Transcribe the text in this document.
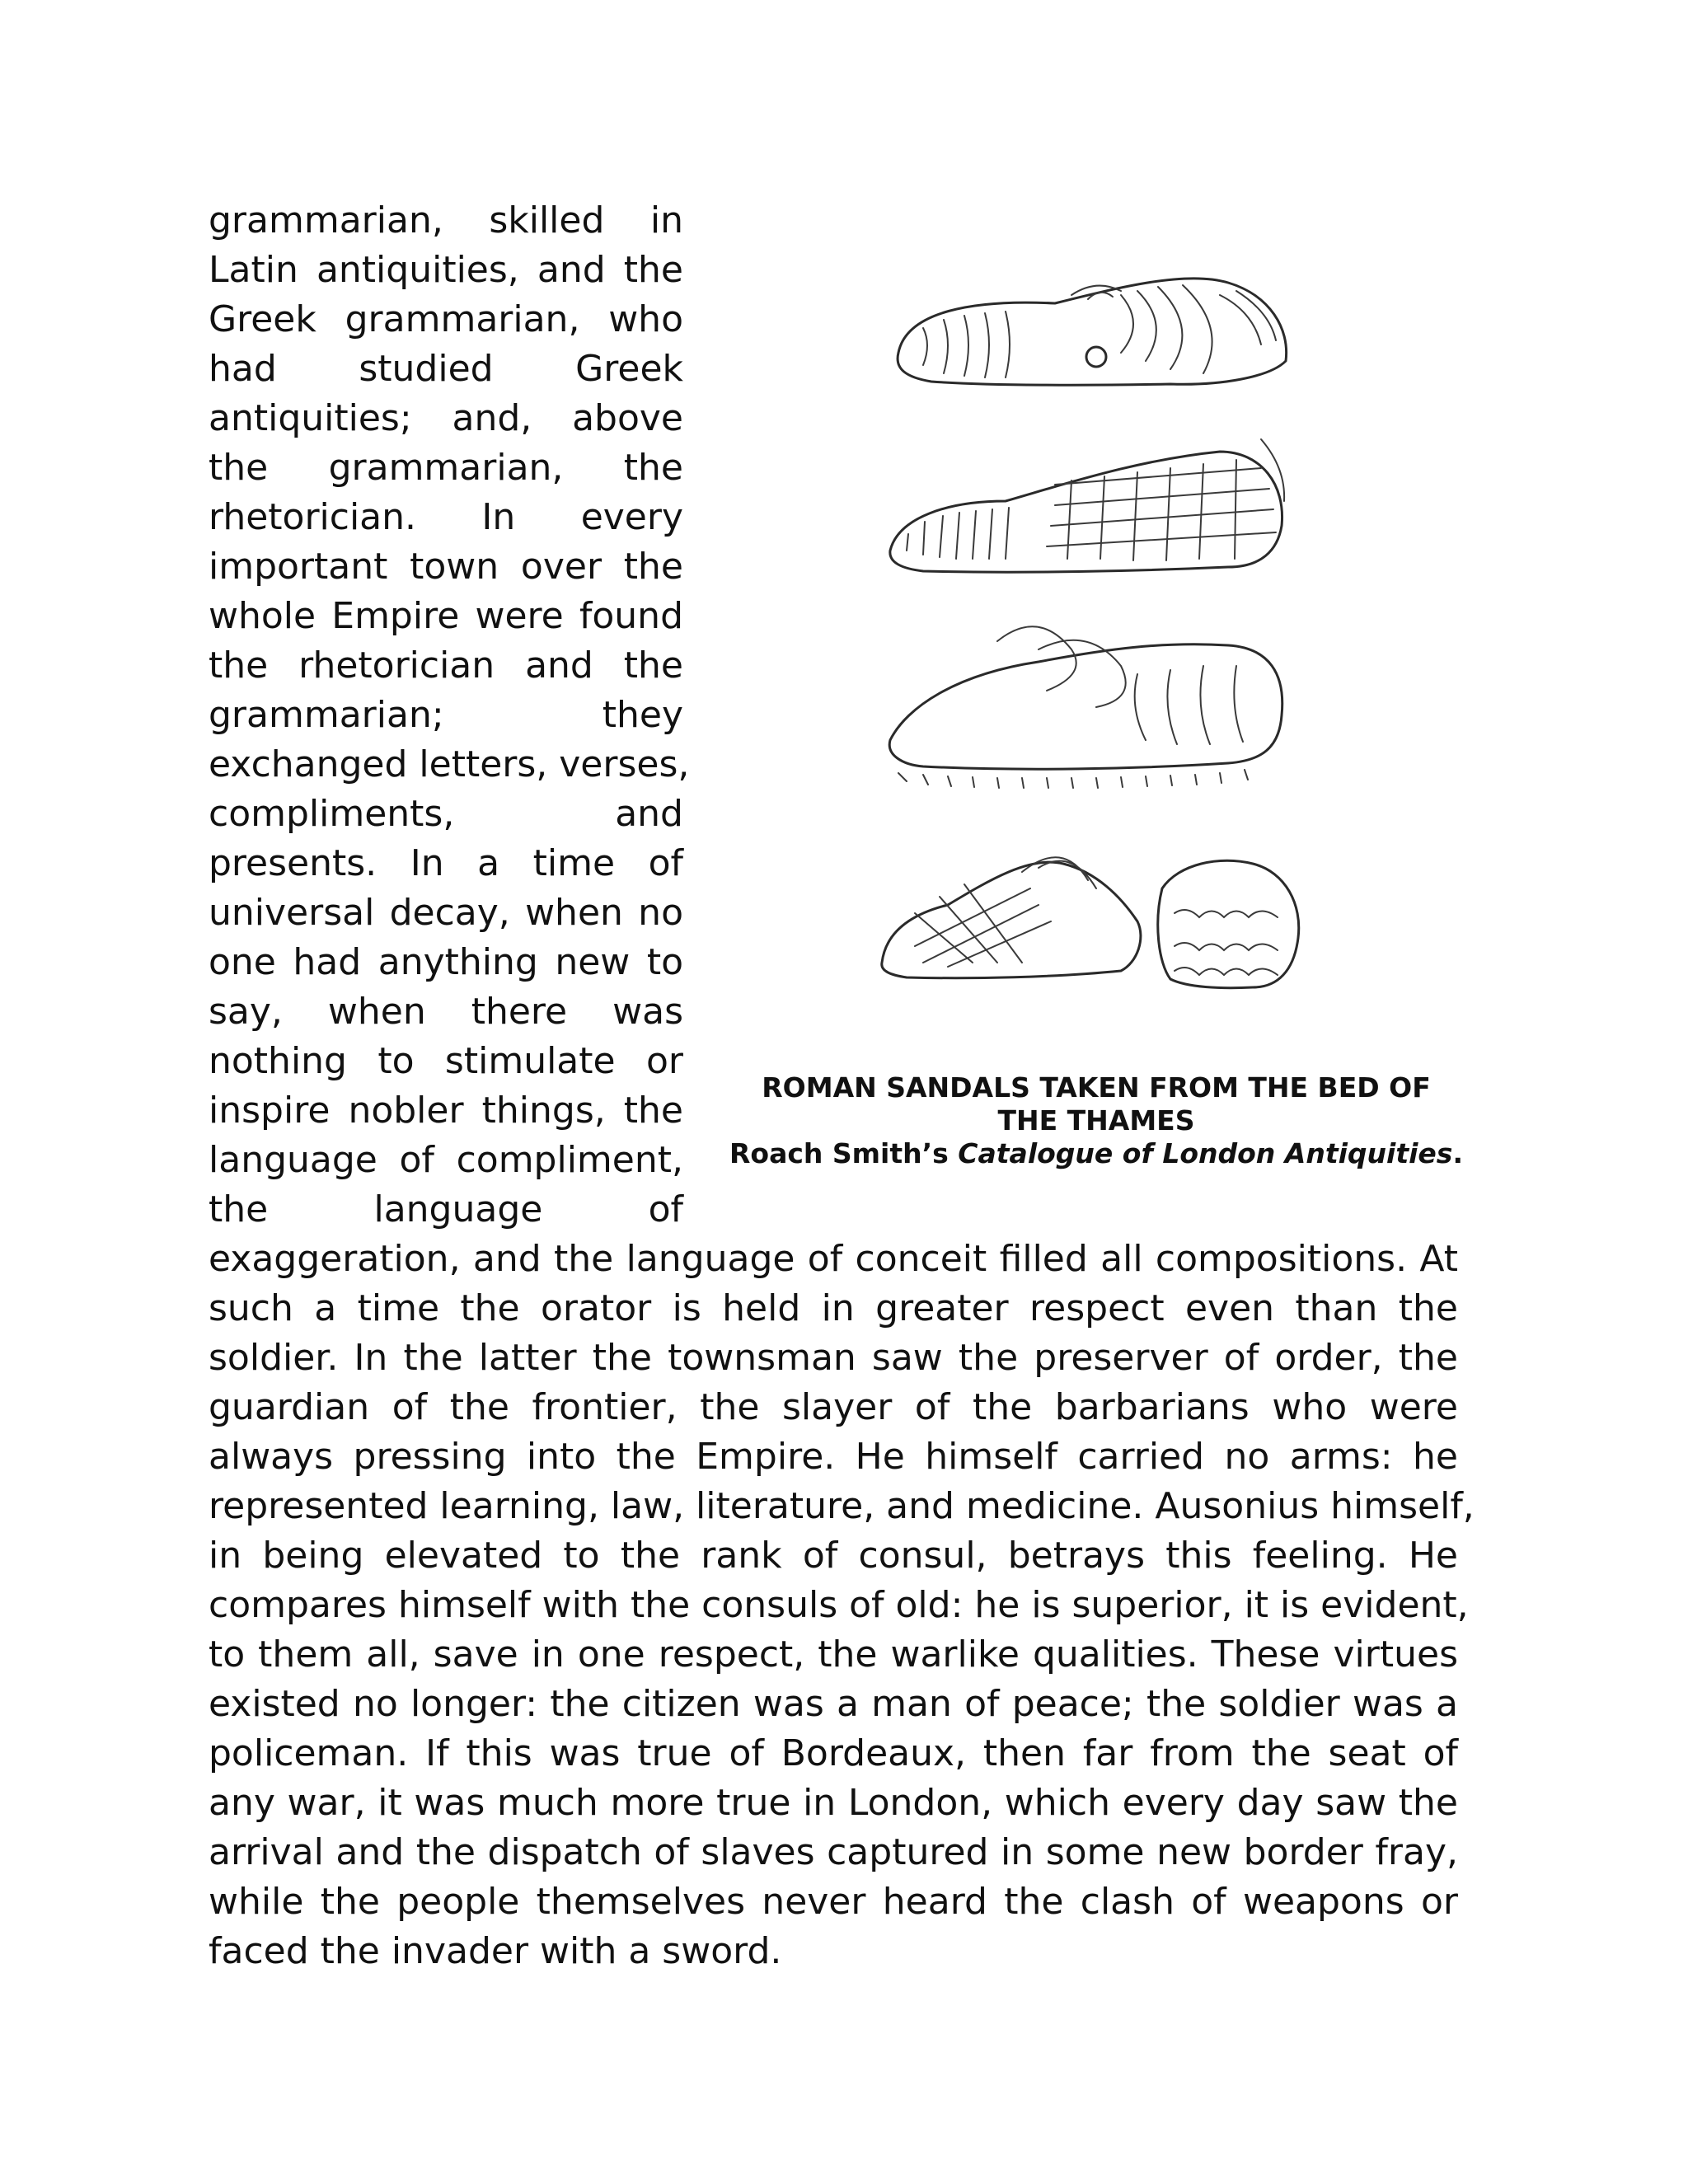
grammarian, skilled in
Latin antiquities, and the
Greek grammarian, who
had studied Greek
antiquities; and, above
the grammarian, the
rhetorician. In every
important town over the
whole Empire were found
the rhetorician and the
grammarian; they
exchanged letters, verses,
compliments, and
presents. In a time of
universal decay, when no
one had anything new to
say, when there was
nothing to stimulate or
inspire nobler things, the
language of compliment,
the language of
ROMAN SANDALS TAKEN FROM THE BED OF
THE THAMES
Roach Smith’s Catalogue of London Antiquities.
exaggeration, and the language of conceit filled all compositions. At
such a time the orator is held in greater respect even than the
soldier. In the latter the townsman saw the preserver of order, the
guardian of the frontier, the slayer of the barbarians who were
always pressing into the Empire. He himself carried no arms: he
represented learning, law, literature, and medicine. Ausonius himself,
in being elevated to the rank of consul, betrays this feeling. He
compares himself with the consuls of old: he is superior, it is evident,
to them all, save in one respect, the warlike qualities. These virtues
existed no longer: the citizen was a man of peace; the soldier was a
policeman. If this was true of Bordeaux, then far from the seat of
any war, it was much more true in London, which every day saw the
arrival and the dispatch of slaves captured in some new border fray,
while the people themselves never heard the clash of weapons or
faced the invader with a sword.
